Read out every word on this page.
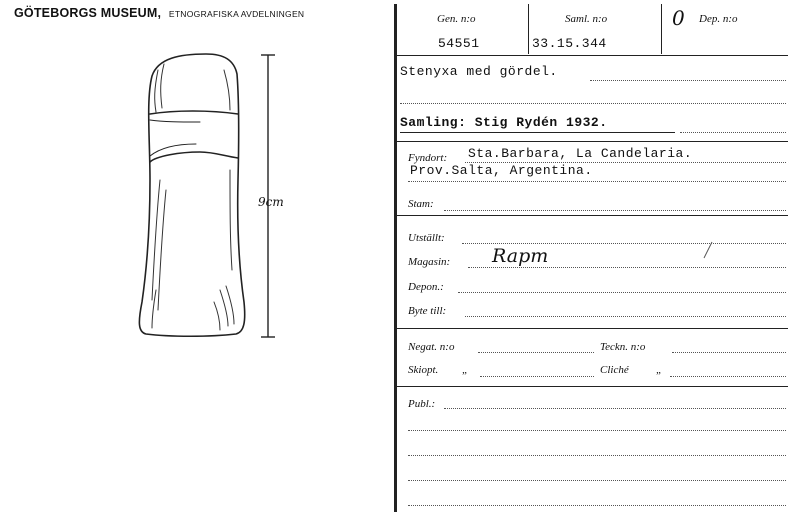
GÖTEBORGS MUSEUM, ETNOGRAFISKA AVDELNINGEN
9cm
Gen. n:o
54551
Saml. n:o
33.15.344
0 Dep. n:o
Stenyxa med gördel.
Samling: Stig Rydén 1932.
Fyndort: Sta.Barbara, La Candelaria.
Prov.Salta, Argentina.
Stam:
Utställt:
Magasin: Rapm
Depon.:
Byte till:
Negat. n:o	Teckn. n:o
Skiopt. „	Cliché „
Publ.:
